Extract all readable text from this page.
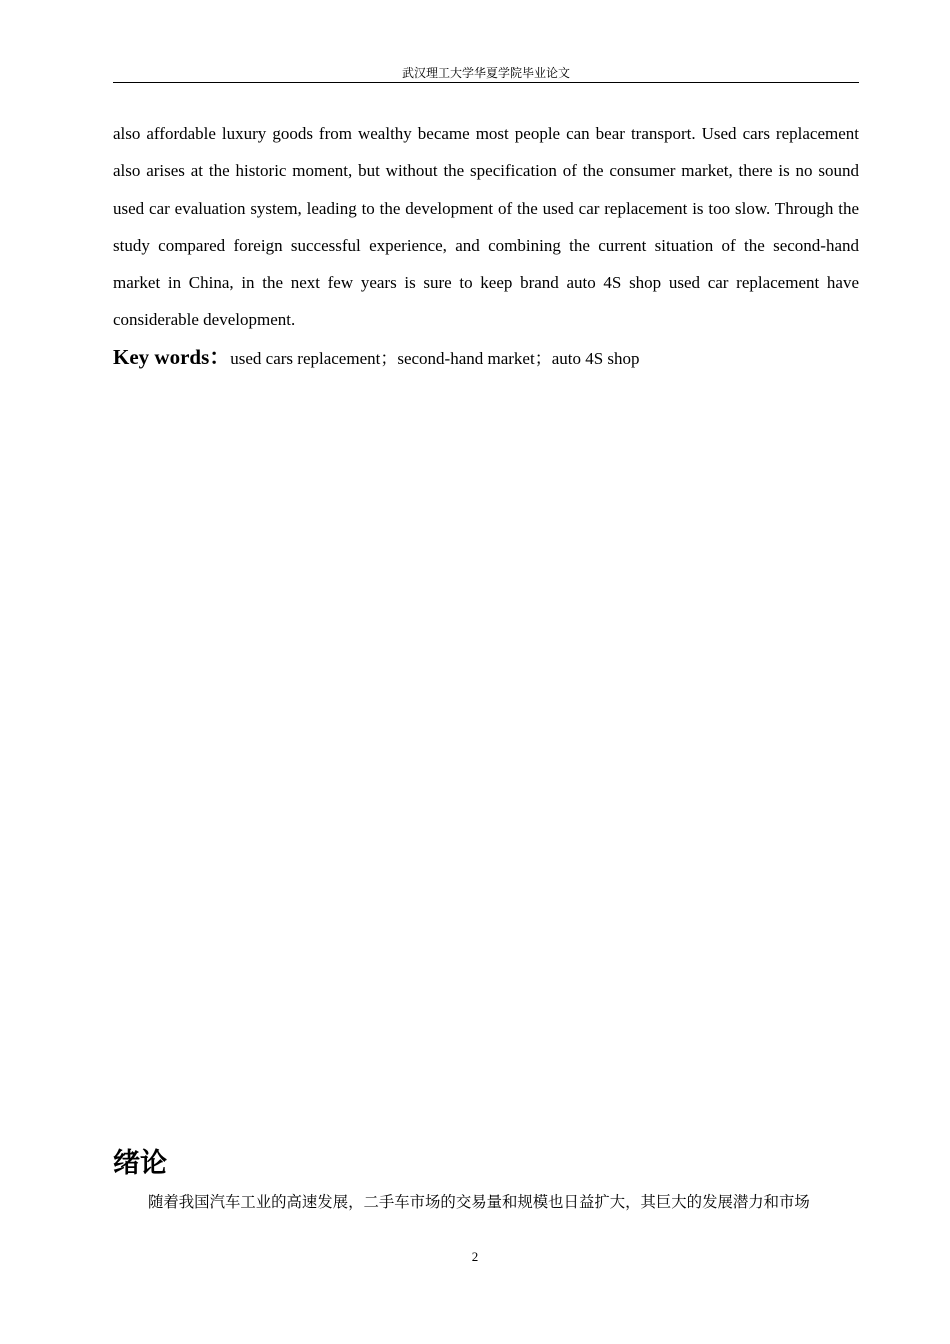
武汉理工大学华夏学院毕业论文

also affordable luxury goods from wealthy became most people can bear transport. Used cars replacement also arises at the historic moment, but without the specification of the consumer market, there is no sound used car evaluation system, leading to the development of the used car replacement is too slow. Through the study compared foreign successful experience, and combining the current situation of the second-hand market in China, in the next few years is sure to keep brand auto 4S shop used car replacement have considerable development.

Key words：used cars replacement；second-hand market；auto 4S shop

绪论

随着我国汽车工业的高速发展，二手车市场的交易量和规模也日益扩大，其巨大的发展潜力和市场

2
